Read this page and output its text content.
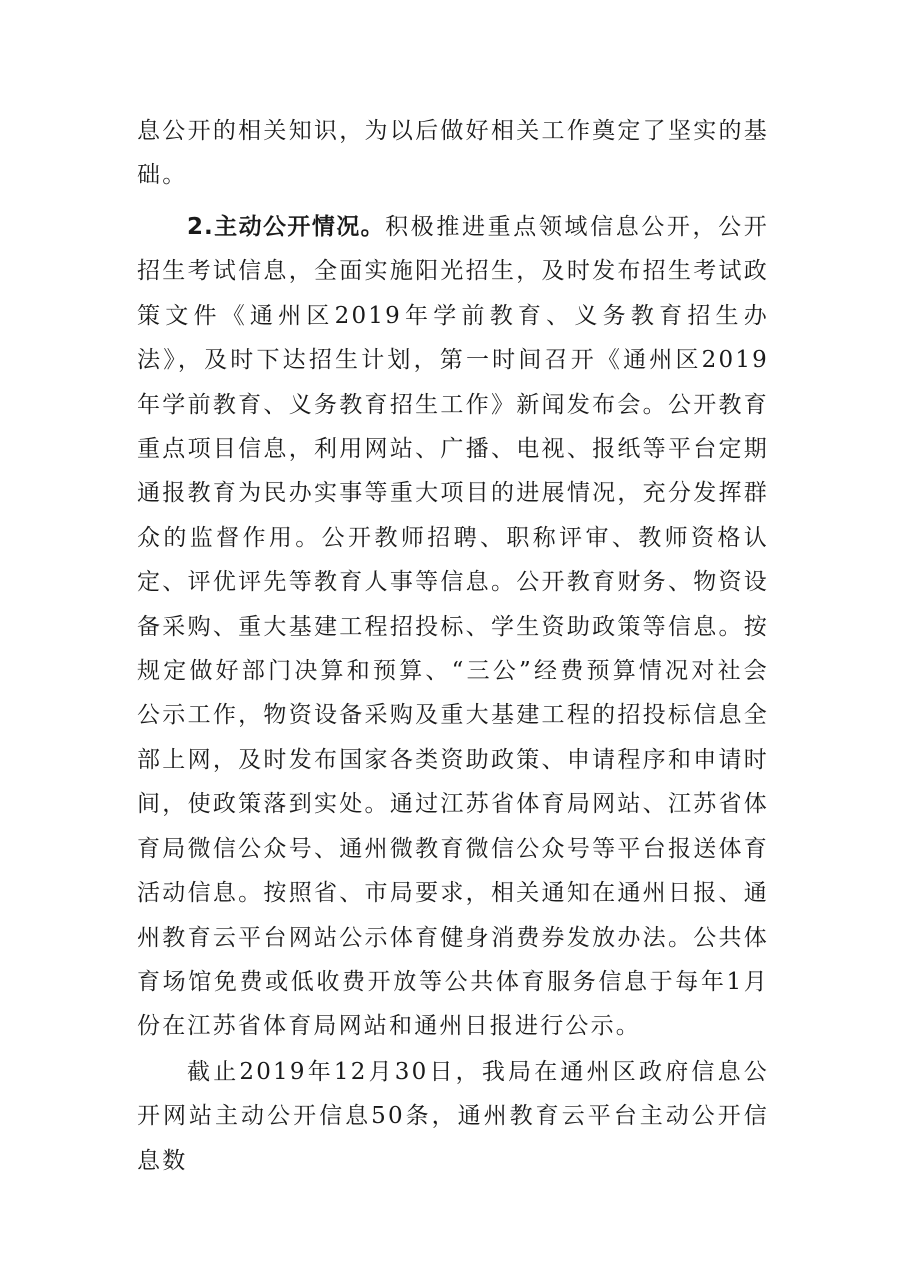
息公开的相关知识，为以后做好相关工作奠定了坚实的基础。

2.主动公开情况。积极推进重点领域信息公开，公开招生考试信息，全面实施阳光招生，及时发布招生考试政策文件《通州区2019年学前教育、义务教育招生办法》，及时下达招生计划，第一时间召开《通州区2019年学前教育、义务教育招生工作》新闻发布会。公开教育重点项目信息，利用网站、广播、电视、报纸等平台定期通报教育为民办实事等重大项目的进展情况，充分发挥群众的监督作用。公开教师招聘、职称评审、教师资格认定、评优评先等教育人事等信息。公开教育财务、物资设备采购、重大基建工程招投标、学生资助政策等信息。按规定做好部门决算和预算、“三公”经费预算情况对社会公示工作，物资设备采购及重大基建工程的招投标信息全部上网，及时发布国家各类资助政策、申请程序和申请时间，使政策落到实处。通过江苏省体育局网站、江苏省体育局微信公众号、通州微教育微信公众号等平台报送体育活动信息。按照省、市局要求，相关通知在通州日报、通州教育云平台网站公示体育健身消费券发放办法。公共体育场馆免费或低收费开放等公共体育服务信息于每年1月份在江苏省体育局网站和通州日报进行公示。

截止2019年12月30日，我局在通州区政府信息公开网站主动公开信息50条，通州教育云平台主动公开信息数
